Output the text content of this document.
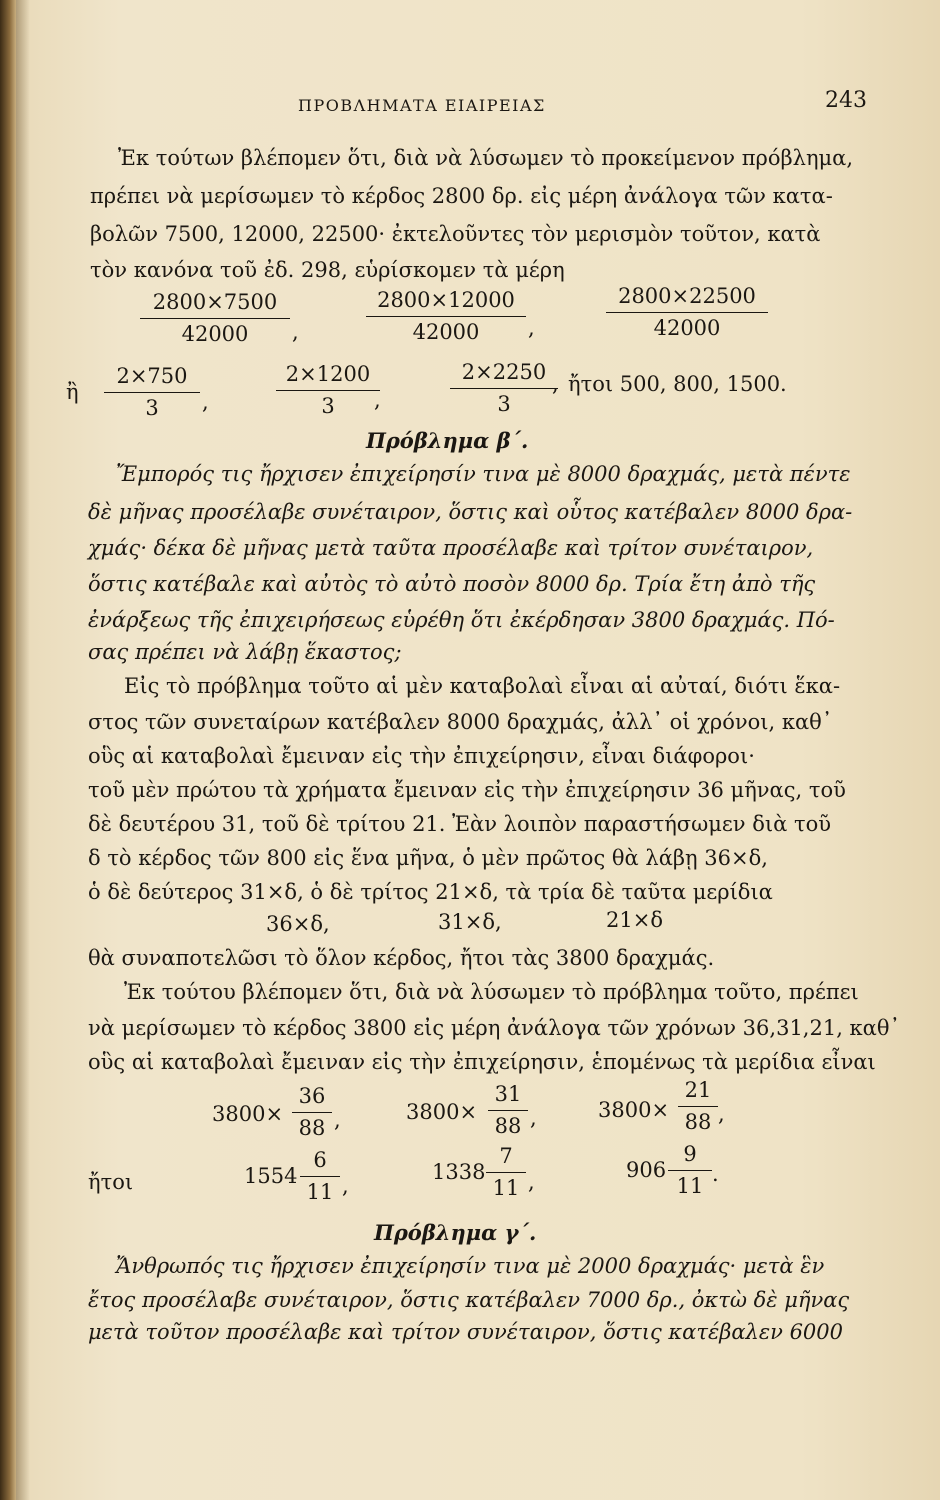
ΠΡΟΒΛΗΜΑΤΑ ΕΙΑΙΡΕΙΑΣ	243
Ἐκ τούτων βλέπομεν ὅτι, διὰ νὰ λύσωμεν τὸ προκείμενον πρόβλημα,
πρέπει νὰ μερίσωμεν τὸ κέρδος 2800 δρ. εἰς μέρη ἀνάλογα τῶν κατα-
βολῶν 7500, 12000, 22500· ἐκτελοῦντες τὸν μερισμὸν τοῦτον, κατὰ
τὸν κανόνα τοῦ ἐδ. 298, εὑρίσκομεν τὰ μέρη
$\frac{2800\times 7500}{42000}$ ,	$\frac{2800\times 12000}{42000}$ ,	$\frac{2800\times 22500}{42000}$
ἢ $\frac{2\times 750}{3}$ ,	$\frac{2\times 1200}{3}$
,	$\frac{2\times 2250}{3}$
, ἤτοι 500, 800, 1500.
Πρόβλημα β΄.
Ἔμπορός τις ἤρχισεν ἐπιχείρησίν τινα μὲ 8000 δραχμάς, μετὰ πέντε
δὲ μῆνας προσέλαβε συνέταιρον, ὅστις καὶ οὗτος κατέβαλεν 8000 δρα-
χμάς· δέκα δὲ μῆνας μετὰ ταῦτα προσέλαβε καὶ τρίτον συνέταιρον,
ὅστις κατέβαλε καὶ αὐτὸς τὸ αὐτὸ ποσὸν 8000 δρ. Τρία ἔτη ἀπὸ τῆς
ἐνάρξεως τῆς ἐπιχειρήσεως εὑρέθη ὅτι ἐκέρδησαν 3800 δραχμάς. Πό-
σας πρέπει νὰ λάβῃ ἕκαστος;
Εἰς τὸ πρόβλημα τοῦτο αἱ μὲν καταβολαὶ εἶναι αἱ αὐταί, διότι ἕκα-
στος τῶν συνεταίρων κατέβαλεν 8000 δραχμάς, ἀλλ᾽ οἱ χρόνοι, καθ᾽
οὓς αἱ καταβολαὶ ἔμειναν εἰς τὴν ἐπιχείρησιν, εἶναι διάφοροι·
τοῦ μὲν πρώτου τὰ χρήματα ἔμειναν εἰς τὴν ἐπιχείρησιν 36 μῆνας, τοῦ
δὲ δευτέρου 31, τοῦ δὲ τρίτου 21. Ἐὰν λοιπὸν παραστήσωμεν διὰ τοῦ
δ τὸ κέρδος τῶν 800 εἰς ἕνα μῆνα, ὁ μὲν πρῶτος θὰ λάβῃ 36×δ,
ὁ δὲ δεύτερος 31×δ, ὁ δὲ τρίτος 21×δ, τὰ τρία δὲ ταῦτα μερίδια
36×δ,	31×δ,	21×δ
θὰ συναποτελῶσι τὸ ὅλον κέρδος, ἤτοι τὰς 3800 δραχμάς.
Ἐκ τούτου βλέπομεν ὅτι, διὰ νὰ λύσωμεν τὸ πρόβλημα τοῦτο, πρέπει
νὰ μερίσωμεν τὸ κέρδος 3800 εἰς μέρη ἀνάλογα τῶν χρόνων 36,31,21, καθ᾽
οὓς αἱ καταβολαὶ ἔμειναν εἰς τὴν ἐπιχείρησιν, ἑπομένως τὰ μερίδια εἶναι
$3800\times \frac{36}{88}$ ,	$3800\times \frac{31}{88}$ ,	$3800\times \frac{21}{88}$ ,
ἤτοι	$1554 \frac{6}{11}$ ,
$1338 \frac{7}{11}$ ,	$906 \frac{9}{11}$ .
Πρόβλημα γ΄.
Ἄνθρωπός τις ἤρχισεν ἐπιχείρησίν τινα μὲ 2000 δραχμάς· μετὰ ἓν
ἔτος προσέλαβε συνέταιρον, ὅστις κατέβαλεν 7000 δρ., ὀκτὼ δὲ μῆνας
μετὰ τοῦτον προσέλαβε καὶ τρίτον συνέταιρον, ὅστις κατέβαλεν 6000
